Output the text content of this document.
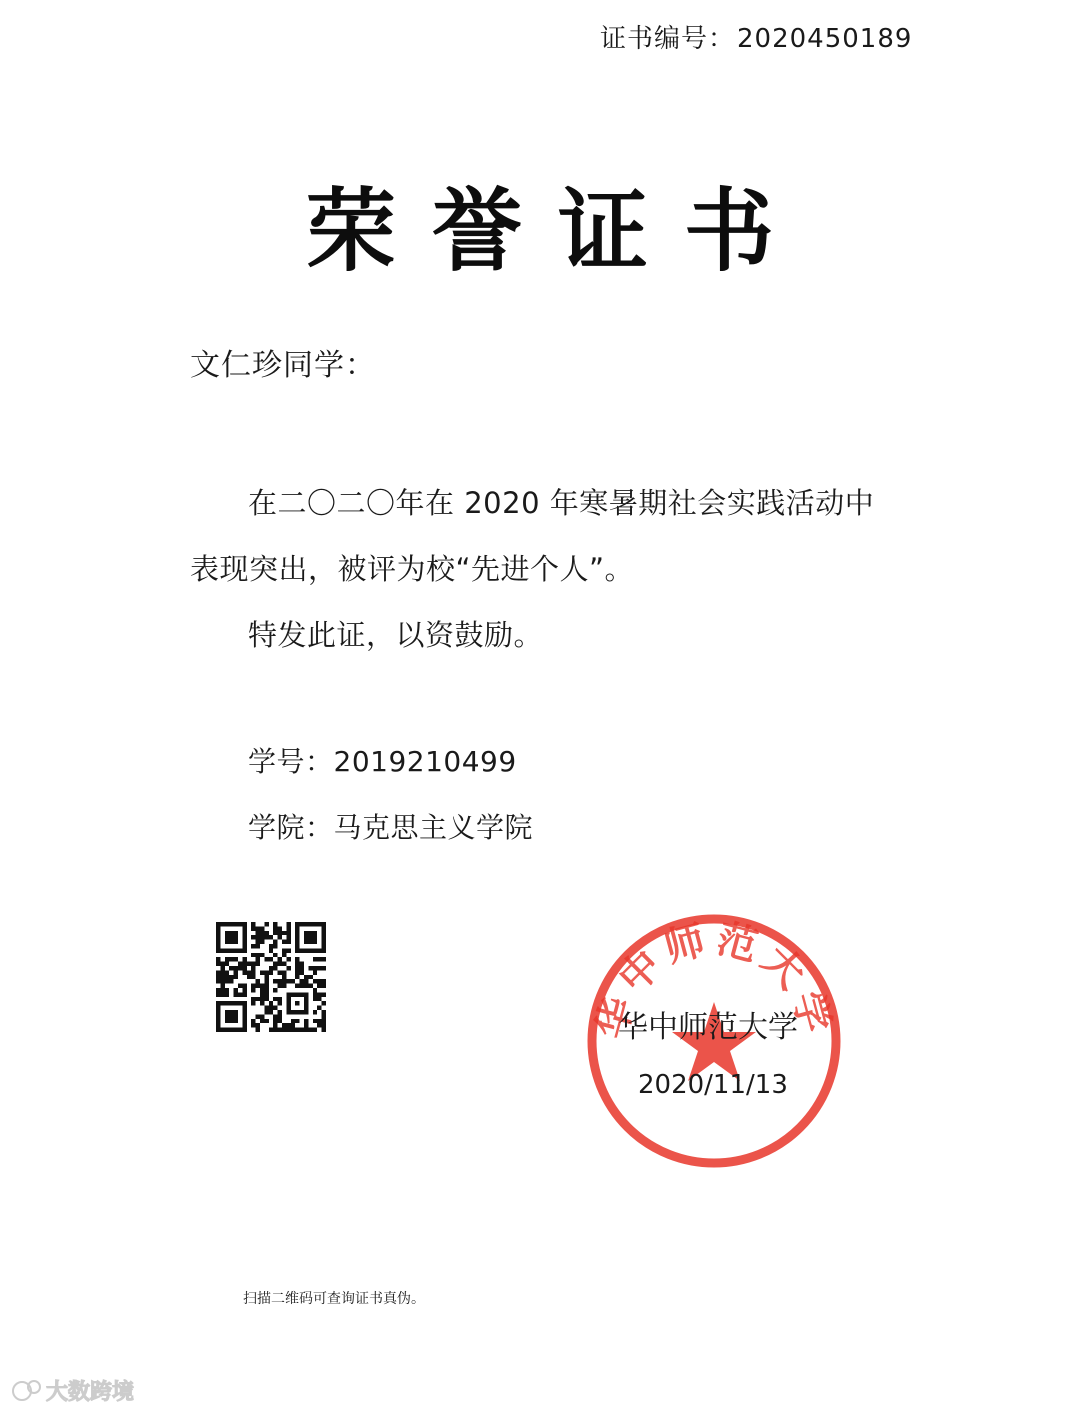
证书编号：2020450189
荣誉证书
文仁珍同学：

在二〇二〇年在 2020 年寒暑期社会实践活动中表现突出，被评为校“先进个人”。

特发此证，以资鼓励。

学号：2019210499
学院：马克思主义学院
华中师范大学
华中师范大学
2020/11/13
扫描二维码可查询证书真伪。
大数跨境
